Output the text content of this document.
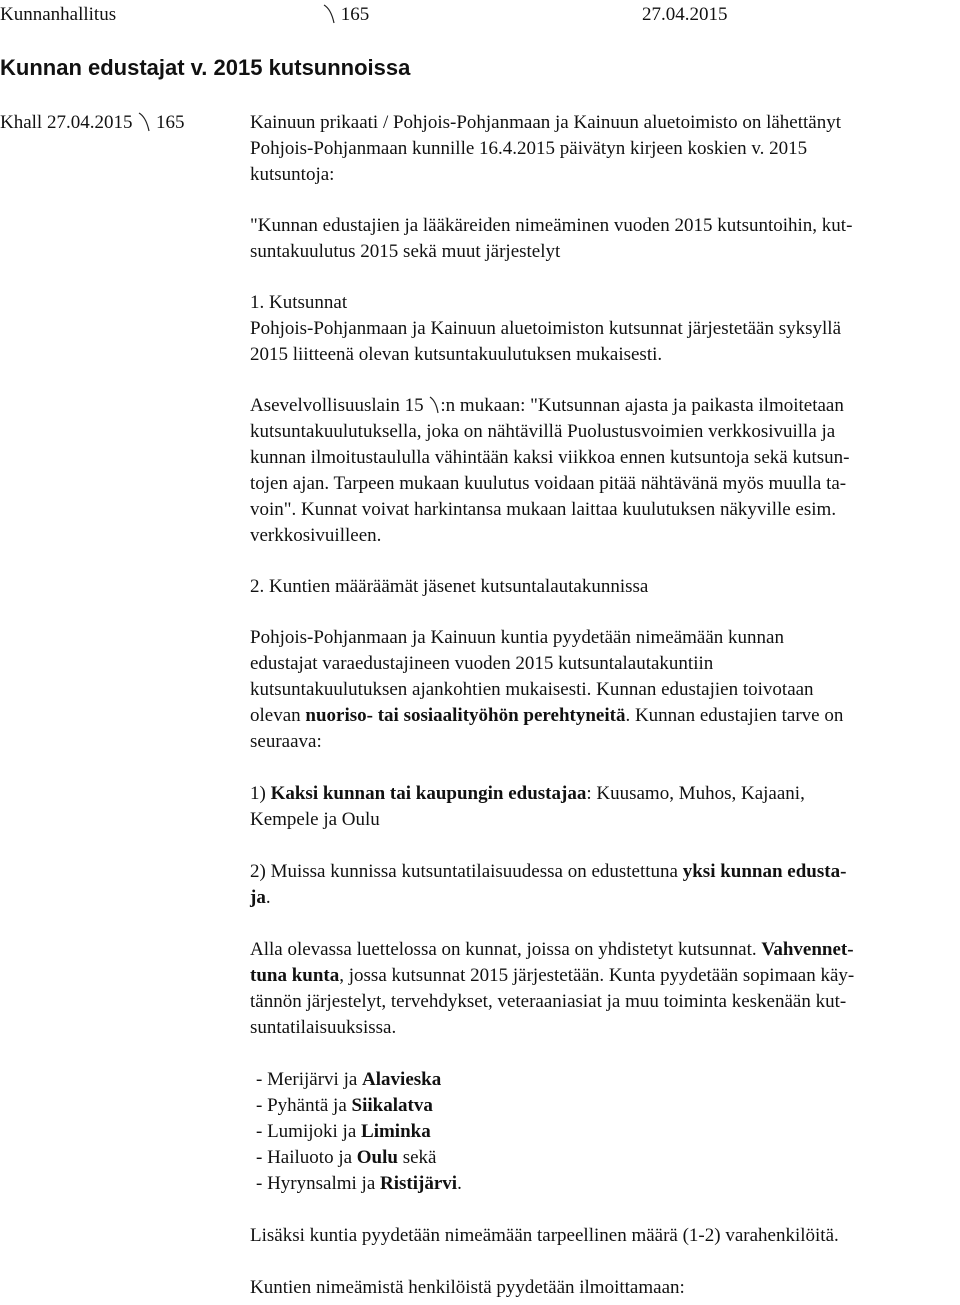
Kunnanhallitus	165	27.04.2015
Kunnan edustajat v. 2015 kutsunnoissa
Khall 27.04.2015 165	Kainuun prikaati / Pohjois-Pohjanmaan ja Kainuun aluetoimisto on lähettänyt

Pohjois-Pohjanmaan kunnille 16.4.2015 päivätyn kirjeen koskien v. 2015

kutsuntoja:

"Kunnan edustajien ja lääkäreiden nimeäminen vuoden 2015 kutsuntoihin, kut-

suntakuulutus 2015 sekä muut järjestelyt

1. Kutsunnat

Pohjois-Pohjanmaan ja Kainuun aluetoimiston kutsunnat järjestetään syksyllä

2015 liitteenä olevan kutsuntakuulutuksen mukaisesti.

Asevelvollisuuslain 15 :n mukaan: "Kutsunnan ajasta ja paikasta ilmoitetaan

kutsuntakuulutuksella, joka on nähtävillä Puolustusvoimien verkkosivuilla ja

kunnan ilmoitustaululla vähintään kaksi viikkoa ennen kutsuntoja sekä kutsun-

tojen ajan. Tarpeen mukaan kuulutus voidaan pitää nähtävänä myös muulla ta-

voin". Kunnat voivat harkintansa mukaan laittaa kuulutuksen näkyville esim.

verkkosivuilleen.

2. Kuntien määräämät jäsenet kutsuntalautakunnissa

Pohjois-Pohjanmaan ja Kainuun kuntia pyydetään nimeämään kunnan

edustajat varaedustajineen vuoden 2015 kutsuntalautakuntiin

kutsuntakuulutuksen ajankohtien mukaisesti. Kunnan edustajien toivotaan

olevan nuoriso- tai sosiaalityöhön perehtyneitä. Kunnan edustajien tarve on

seuraava:

1) Kaksi kunnan tai kaupungin edustajaa: Kuusamo, Muhos, Kajaani,

Kempele ja Oulu

2) Muissa kunnissa kutsuntatilaisuudessa on edustettuna yksi kunnan edusta-

ja.

Alla olevassa luettelossa on kunnat, joissa on yhdistetyt kutsunnat. Vahvennet-

tuna kunta, jossa kutsunnat 2015 järjestetään. Kunta pyydetään sopimaan käy-

tännön järjestelyt, tervehdykset, veteraaniasiat ja muu toiminta keskenään kut-

suntatilaisuuksissa.

- Merijärvi ja Alavieska

- Pyhäntä ja Siikalatva

- Lumijoki ja Liminka

- Hailuoto ja Oulu sekä

- Hyrynsalmi ja Ristijärvi.

Lisäksi kuntia pyydetään nimeämään tarpeellinen määrä (1-2) varahenkilöitä.

Kuntien nimeämistä henkilöistä pyydetään ilmoittamaan:
